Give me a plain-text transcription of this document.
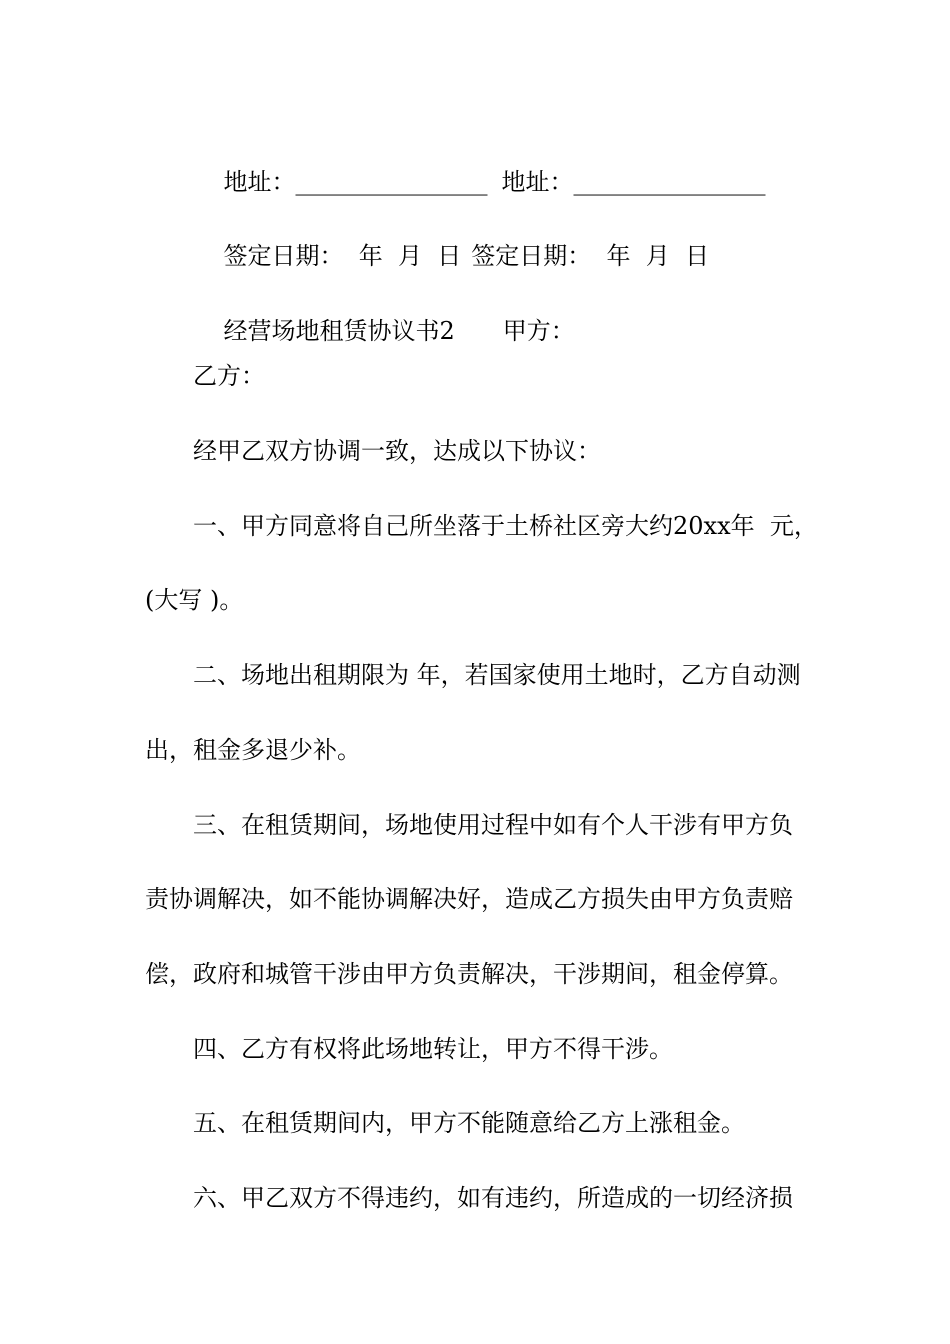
地址：________________ 地址：________________

签定日期：  年  月  日 签定日期：  年  月  日

经营场地租赁协议书2 甲方：

乙方：
经甲乙双方协调一致，达成以下协议：
一、甲方同意将自己所坐落于土桥社区旁大约20xx年  元，
(大写 )。
二、场地出租期限为 年，若国家使用土地时，乙方自动测
出，租金多退少补。
三、在租赁期间，场地使用过程中如有个人干涉有甲方负
责协调解决，如不能协调解决好，造成乙方损失由甲方负责赔
偿，政府和城管干涉由甲方负责解决，干涉期间，租金停算。
四、乙方有权将此场地转让，甲方不得干涉。
五、在租赁期间内，甲方不能随意给乙方上涨租金。
六、甲乙双方不得违约，如有违约，所造成的一切经济损
